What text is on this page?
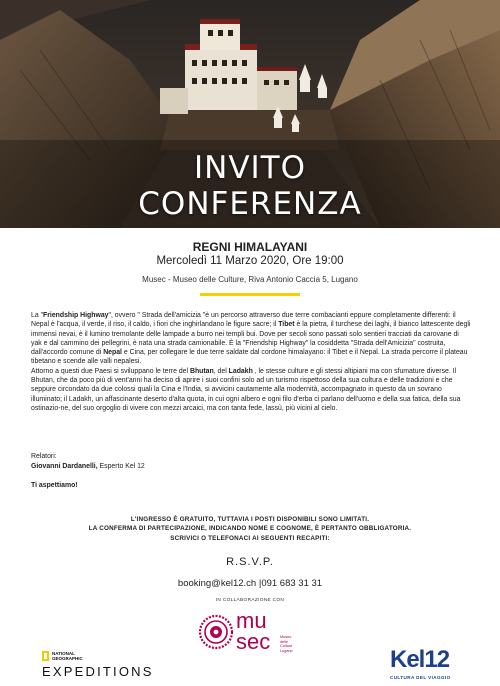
INVITO
CONFERENZA
REGNI HIMALAYANI
Mercoledì 11 Marzo 2020, Ore 19:00
Musec - Museo delle Culture, Riva Antonio Caccia 5, Lugano

La "Friendship Highway", ovvero " Strada dell'amicizia "è un percorso attraverso due terre combacianti eppure completamente differenti: il Nepal è l'acqua, il verde, il riso, il caldo, i fiori che inghirlandano le figure sacre; il Tibet è la pietra, il turchese dei laghi, il bianco lattescente degli immensi nevai, è il lumino tremolante delle lampade a burro nei templi bui. Dove per secoli sono passati solo sentieri tracciati da carovane di yak e dal cammino dei pellegrini, è nata una strada camionabile. È la "Friendship Highway" la cosiddetta "Strada dell'Amicizia" costruita, dall'accordo comune di Nepal e Cina, per collegare le due terre saldate dal cordone himalayano: il Tibet e il Nepal. La strada percorre il plateau tibetano e scende alle valli nepalesi.

Attorno a questi due Paesi si sviluppano le terre del Bhutan, del Ladakh , le stesse culture e gli stessi altipiani ma con sfumature diverse. Il Bhutan, che da poco più di vent'anni ha deciso di aprire i suoi confini solo ad un turismo rispettoso della sua cultura e delle tradizioni e che seppure circondato da due colossi quali la Cina e l'India, si avvicini cautamente alla modernità, accompagnato in questo da un sovrano illuminato; il Ladakh, un affascinante deserto d'alta quota, in cui ogni albero e ogni filo d'erba ci parlano dell'uomo e della sua fatica, della sua ostinazio-ne, del suo orgoglio di vivere con mezzi arcaici, ma con tanta fede, lassù, più vicini al cielo.

Relatori:
Giovanni Dardanelli, Esperto Kel 12
Ti aspettiamo!
L'INGRESSO È GRATUITO, TUTTAVIA I POSTI DISPONIBILI SONO LIMITATI.
LA CONFERMA DI PARTECIPAZIONE, INDICANDO NOME E COGNOME, È PERTANTO OBBLIGATORIA.
SCRIVICI O TELEFONACI AI SEGUENTI RECAPITI:
R.S.V.P.
booking@kel12.ch |091 683 31 31
IN COLLABORAZIONE CON
mu
sec	Museo
delle
Culture
Lugano
NATIONAL
GEOGRAPHIC
EXPEDITIONS	Kel12
CULTURA DEL VIAGGIO
